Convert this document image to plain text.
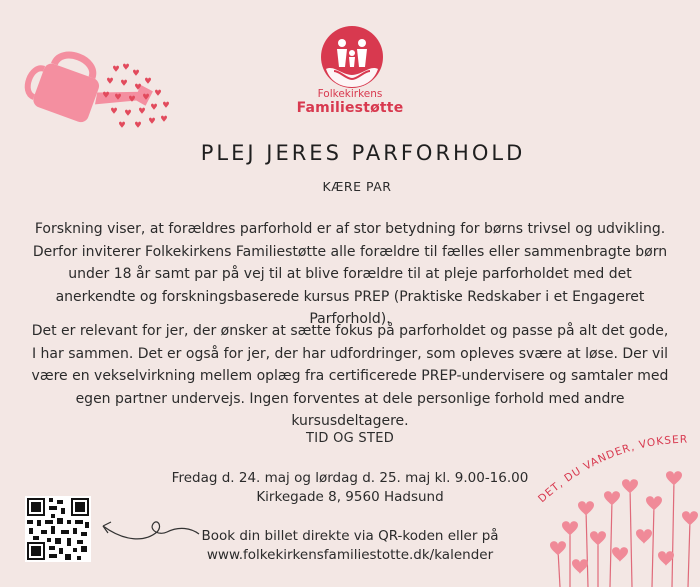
Folkekirkens
Familiestøtte
PLEJ JERES PARFORHOLD
KÆRE PAR
Forskning viser, at forældres parforhold er af stor betydning for børns trivsel og udvikling. Derfor inviterer Folkekirkens Familiestøtte alle forældre til fælles eller sammenbragte børn under 18 år samt par på vej til at blive forældre til at pleje parforholdet med det anerkendte og forskningsbaserede kursus PREP (Praktiske Redskaber i et Engageret Parforhold).
Det er relevant for jer, der ønsker at sætte fokus på parforholdet og passe på alt det gode, I har sammen. Det er også for jer, der har udfordringer, som opleves svære at løse. Der vil være en vekselvirkning mellem oplæg fra certificerede PREP-undervisere og samtaler med egen partner undervejs. Ingen forventes at dele personlige forhold med andre kursusdeltagere.
TID OG STED
Fredag d. 24. maj og lørdag d. 25. maj kl. 9.00-16.00
Kirkegade 8, 9560 Hadsund
Book din billet direkte via QR-koden eller på
www.folkekirkensfamiliestotte.dk/kalender
DET, DU VANDER, VOKSER
